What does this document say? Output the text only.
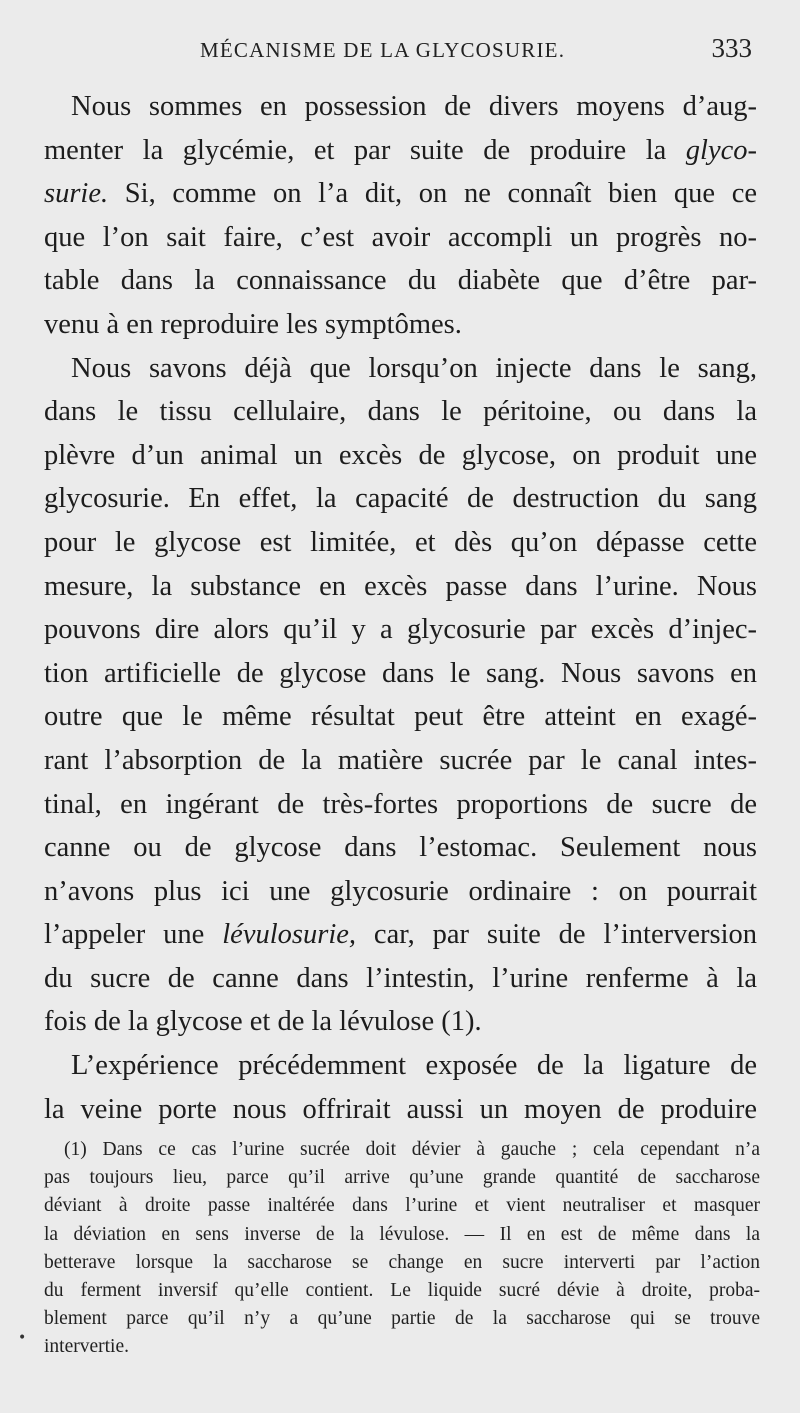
MÉCANISME DE LA GLYCOSURIE.	333
Nous sommes en possession de divers moyens d’aug-
menter la glycémie, et par suite de produire la glyco-
surie. Si, comme on l’a dit, on ne connaît bien que ce
que l’on sait faire, c’est avoir accompli un progrès no-
table dans la connaissance du diabète que d’être par-
venu à en reproduire les symptômes.
Nous savons déjà que lorsqu’on injecte dans le sang,
dans le tissu cellulaire, dans le péritoine, ou dans la
plèvre d’un animal un excès de glycose, on produit une
glycosurie. En effet, la capacité de destruction du sang
pour le glycose est limitée, et dès qu’on dépasse cette
mesure, la substance en excès passe dans l’urine. Nous
pouvons dire alors qu’il y a glycosurie par excès d’injec-
tion artificielle de glycose dans le sang. Nous savons en
outre que le même résultat peut être atteint en exagé-
rant l’absorption de la matière sucrée par le canal intes-
tinal, en ingérant de très-fortes proportions de sucre de
canne ou de glycose dans l’estomac. Seulement nous
n’avons plus ici une glycosurie ordinaire : on pourrait
l’appeler une lévulosurie, car, par suite de l’interversion
du sucre de canne dans l’intestin, l’urine renferme à la
fois de la glycose et de la lévulose (1).
L’expérience précédemment exposée de la ligature de
la veine porte nous offrirait aussi un moyen de produire
(1) Dans ce cas l’urine sucrée doit dévier à gauche ; cela cependant n’a
pas toujours lieu, parce qu’il arrive qu’une grande quantité de saccharose
déviant à droite passe inaltérée dans l’urine et vient neutraliser et masquer
la déviation en sens inverse de la lévulose. — Il en est de même dans la
betterave lorsque la saccharose se change en sucre interverti par l’action
du ferment inversif qu’elle contient. Le liquide sucré dévie à droite, proba-
blement parce qu’il n’y a qu’une partie de la saccharose qui se trouve
intervertie.
•
